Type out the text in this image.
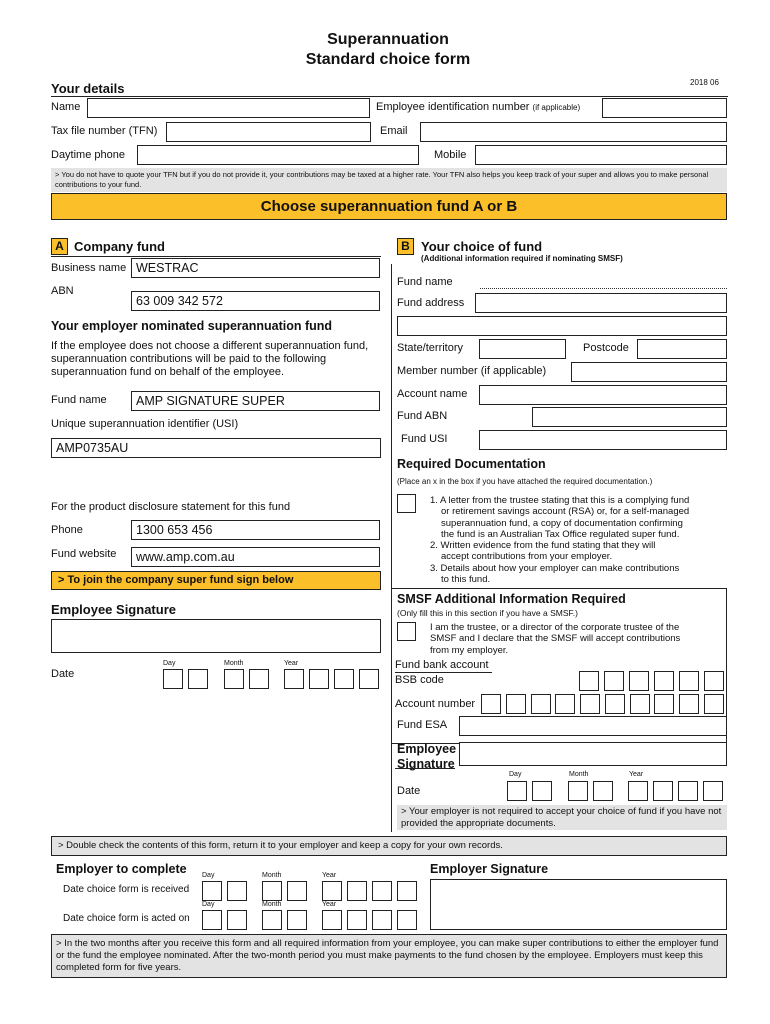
Superannuation
Standard choice form
Your details	2018 06
Name	Employee identification number (if applicable)
Tax file number (TFN)	Email
Daytime phone	Mobile
> You do not have to quote your TFN but if you do not provide it, your contributions may be taxed at a higher rate. Your TFN also helps you keep track of your super and allows you to make personal contributions to your fund.
Choose superannuation fund A or B
A Company fund
Business name WESTRAC
ABN
63 009 342 572
Your employer nominated superannuation fund
If the employee does not choose a different superannuation fund, superannuation contributions will be paid to the following superannuation fund on behalf of the employee.
Fund name	AMP SIGNATURE SUPER
Unique superannuation identifier (USI)
AMP0735AU
For the product disclosure statement for this fund
Phone	1300 653 456
Fund website	www.amp.com.au
> To join the company super fund sign below
Employee Signature
Date
Day	Month	Year
B Your choice of fund
(Additional information required if nominating SMSF)
Fund name
Fund address
State/territory	Postcode
Member number (if applicable)
Account name
Fund ABN
Fund USI
Required Documentation
(Place an x in the box if you have attached the required documentation.)
1. A letter from the trustee stating that this is a complying fund
or retirement savings account (RSA) or, for a self-managed
superannuation fund, a copy of documentation confirming
the fund is an Australian Tax Office regulated super fund.
2. Written evidence from the fund stating that they will
accept contributions from your employer.
3. Details about how your employer can make contributions
to this fund.
SMSF Additional Information Required
(Only fill this in this section if you have a SMSF.)
I am the trustee, or a director of the corporate trustee of the
SMSF and I declare that the SMSF will accept contributions
from my employer.
Fund bank account
BSB code
Account number
Fund ESA
Employee
Signature
Day	Month	Year
Date
> Your employer is not required to accept your choice of fund if you have not provided the appropriate documents.
> Double check the contents of this form, return it to your employer and keep a copy for your own records.
Employer to complete Day	Month	Year
Date choice form is received
Day	Month	Year
Date choice form is acted on
Employer Signature
> In the two months after you receive this form and all required information from your employee, you can make super contributions to either the employer fund or the fund the employee nominated. After the two-month period you must make payments to the fund chosen by the employee. Employers must keep this completed form for five years.
